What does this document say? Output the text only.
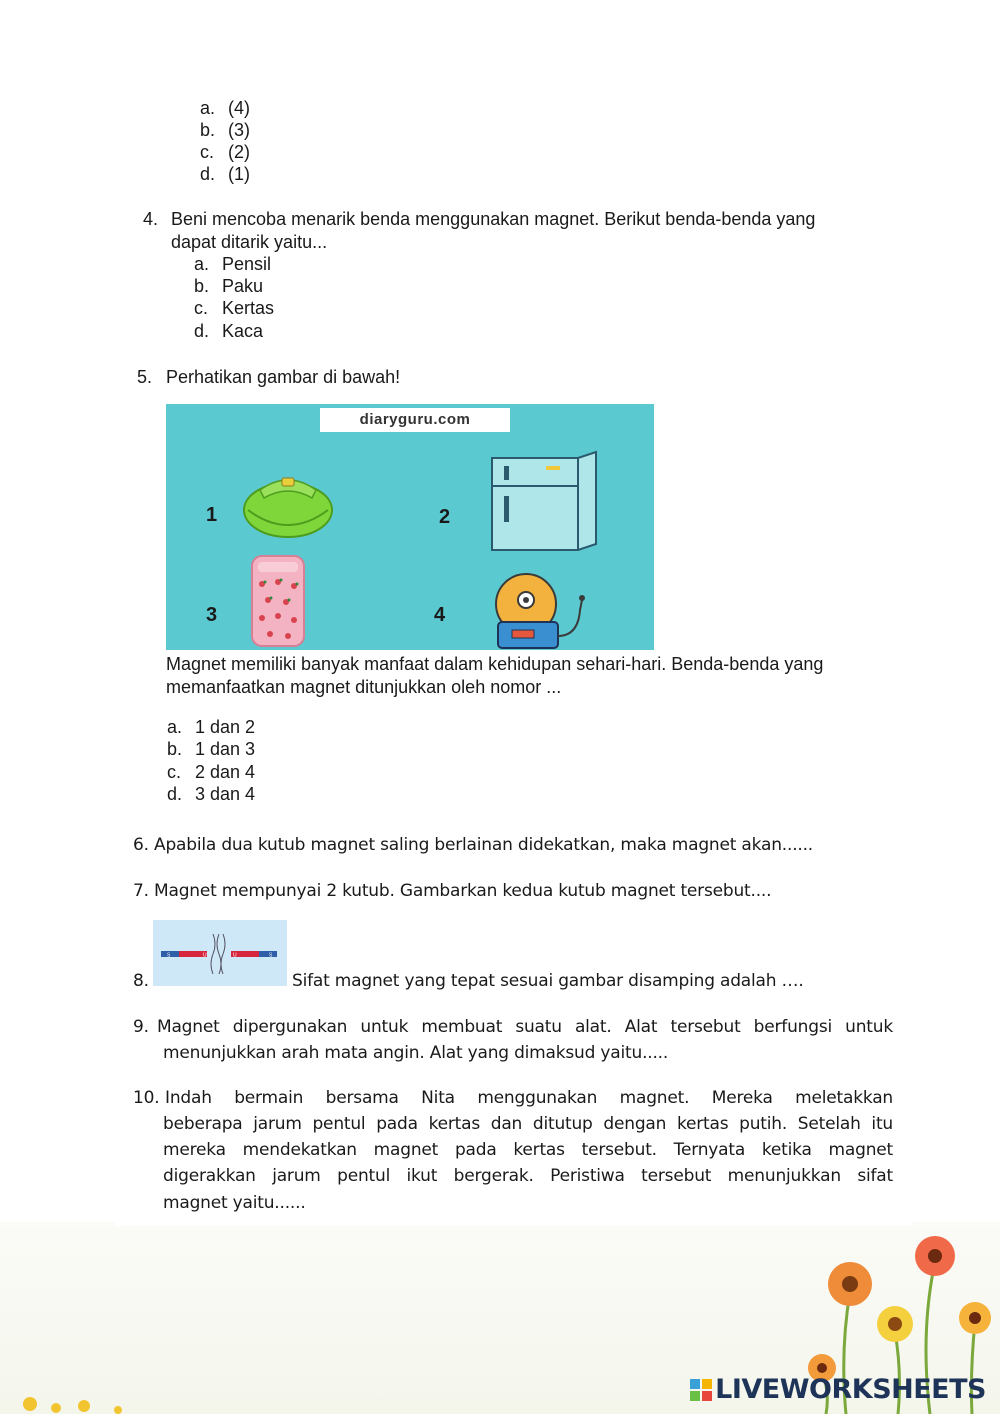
a. (4)
b. (3)
c. (2)
d. (1)
4. Beni mencoba menarik benda menggunakan magnet. Berikut benda-benda yang
dapat ditarik yaitu...
a. Pensil
b. Paku
c. Kertas
d. Kaca
5. Perhatikan gambar di bawah!
diaryguru.com
1	2
3	4
Magnet memiliki banyak manfaat dalam kehidupan sehari-hari. Benda-benda yang
memanfaatkan magnet ditunjukkan oleh nomor ...
a. 1 dan 2
b. 1 dan 3
c. 2 dan 4
d. 3 dan 4
6. Apabila dua kutub magnet saling berlainan didekatkan, maka magnet akan......
7. Magnet mempunyai 2 kutub. Gambarkan kedua kutub magnet tersebut....
8.
S	U	U	S
Sifat magnet yang tepat sesuai gambar disamping adalah ….
9. Magnet dipergunakan untuk membuat suatu alat. Alat tersebut berfungsi untuk
menunjukkan arah mata angin. Alat yang dimaksud yaitu.....
10. Indah bermain bersama Nita menggunakan magnet. Mereka meletakkan
beberapa jarum pentul pada kertas dan ditutup dengan kertas putih. Setelah itu
mereka mendekatkan magnet pada kertas tersebut. Ternyata ketika magnet
digerakkan jarum pentul ikut bergerak. Peristiwa tersebut menunjukkan sifat
magnet yaitu......
LIVEWORKSHEETS
